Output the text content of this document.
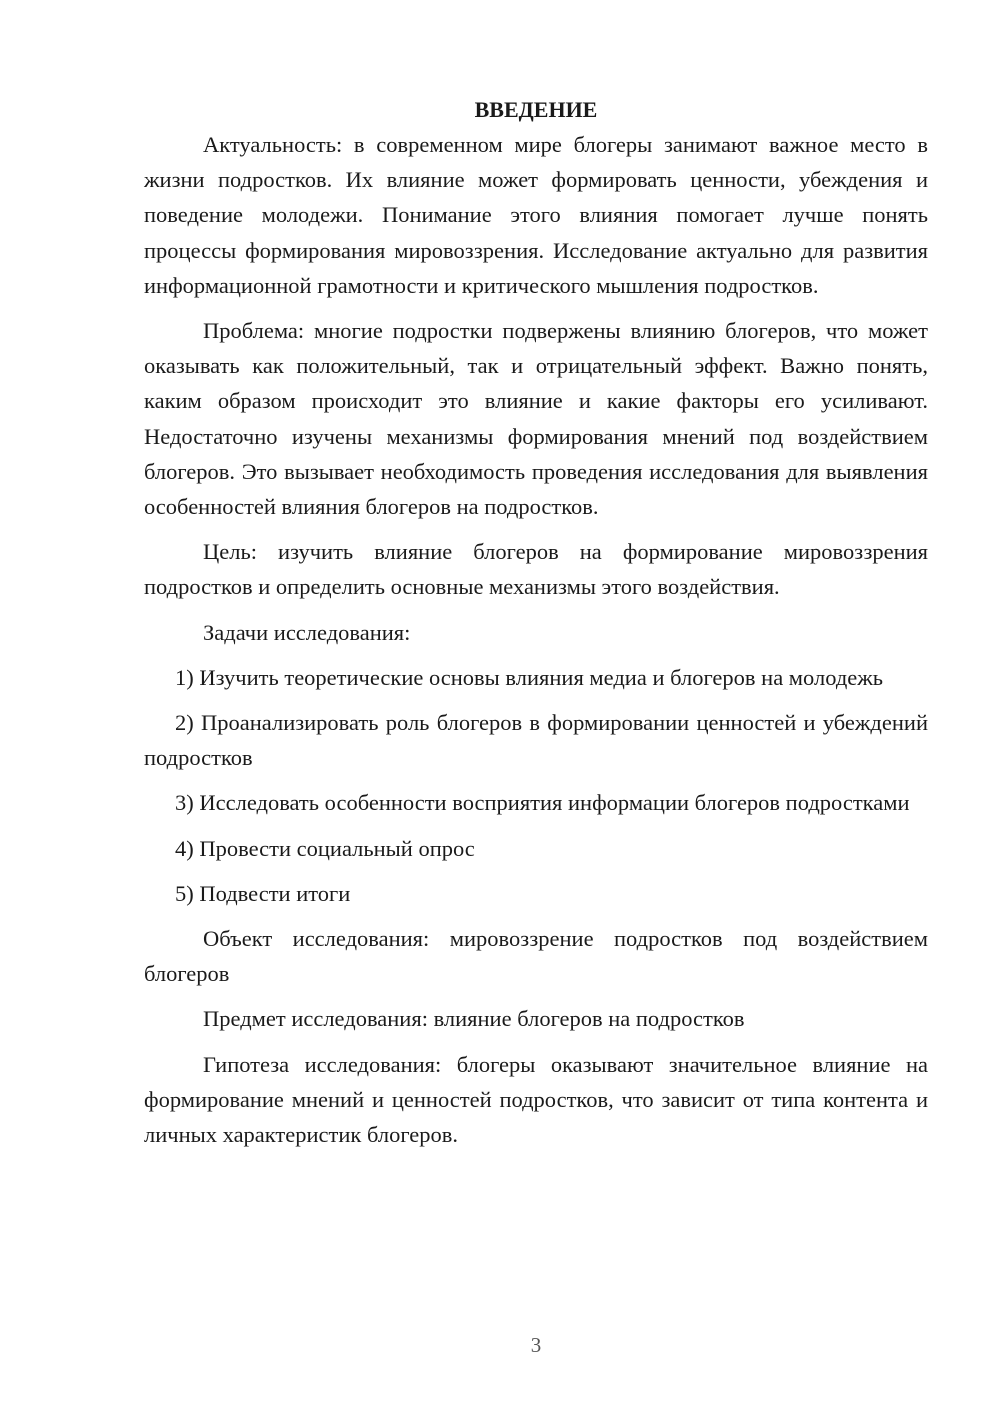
ВВЕДЕНИЕ

Актуальность: в современном мире блогеры занимают важное место в жизни подростков. Их влияние может формировать ценности, убеждения и поведение молодежи. Понимание этого влияния помогает лучше понять процессы формирования мировоззрения. Исследование актуально для развития информационной грамотности и критического мышления подростков.

Проблема: многие подростки подвержены влиянию блогеров, что может оказывать как положительный, так и отрицательный эффект. Важно понять, каким образом происходит это влияние и какие факторы его усиливают. Недостаточно изучены механизмы формирования мнений под воздействием блогеров. Это вызывает необходимость проведения исследования для выявления особенностей влияния блогеров на подростков.

Цель: изучить влияние блогеров на формирование мировоззрения подростков и определить основные механизмы этого воздействия.

Задачи исследования:

1) Изучить теоретические основы влияния медиа и блогеров на молодежь

2) Проанализировать роль блогеров в формировании ценностей и убеждений подростков

3) Исследовать особенности восприятия информации блогеров подростками

4) Провести социальный опрос

5) Подвести итоги

Объект исследования: мировоззрение подростков под воздействием блогеров

Предмет исследования: влияние блогеров на подростков

Гипотеза исследования: блогеры оказывают значительное влияние на формирование мнений и ценностей подростков, что зависит от типа контента и личных характеристик блогеров.

3
